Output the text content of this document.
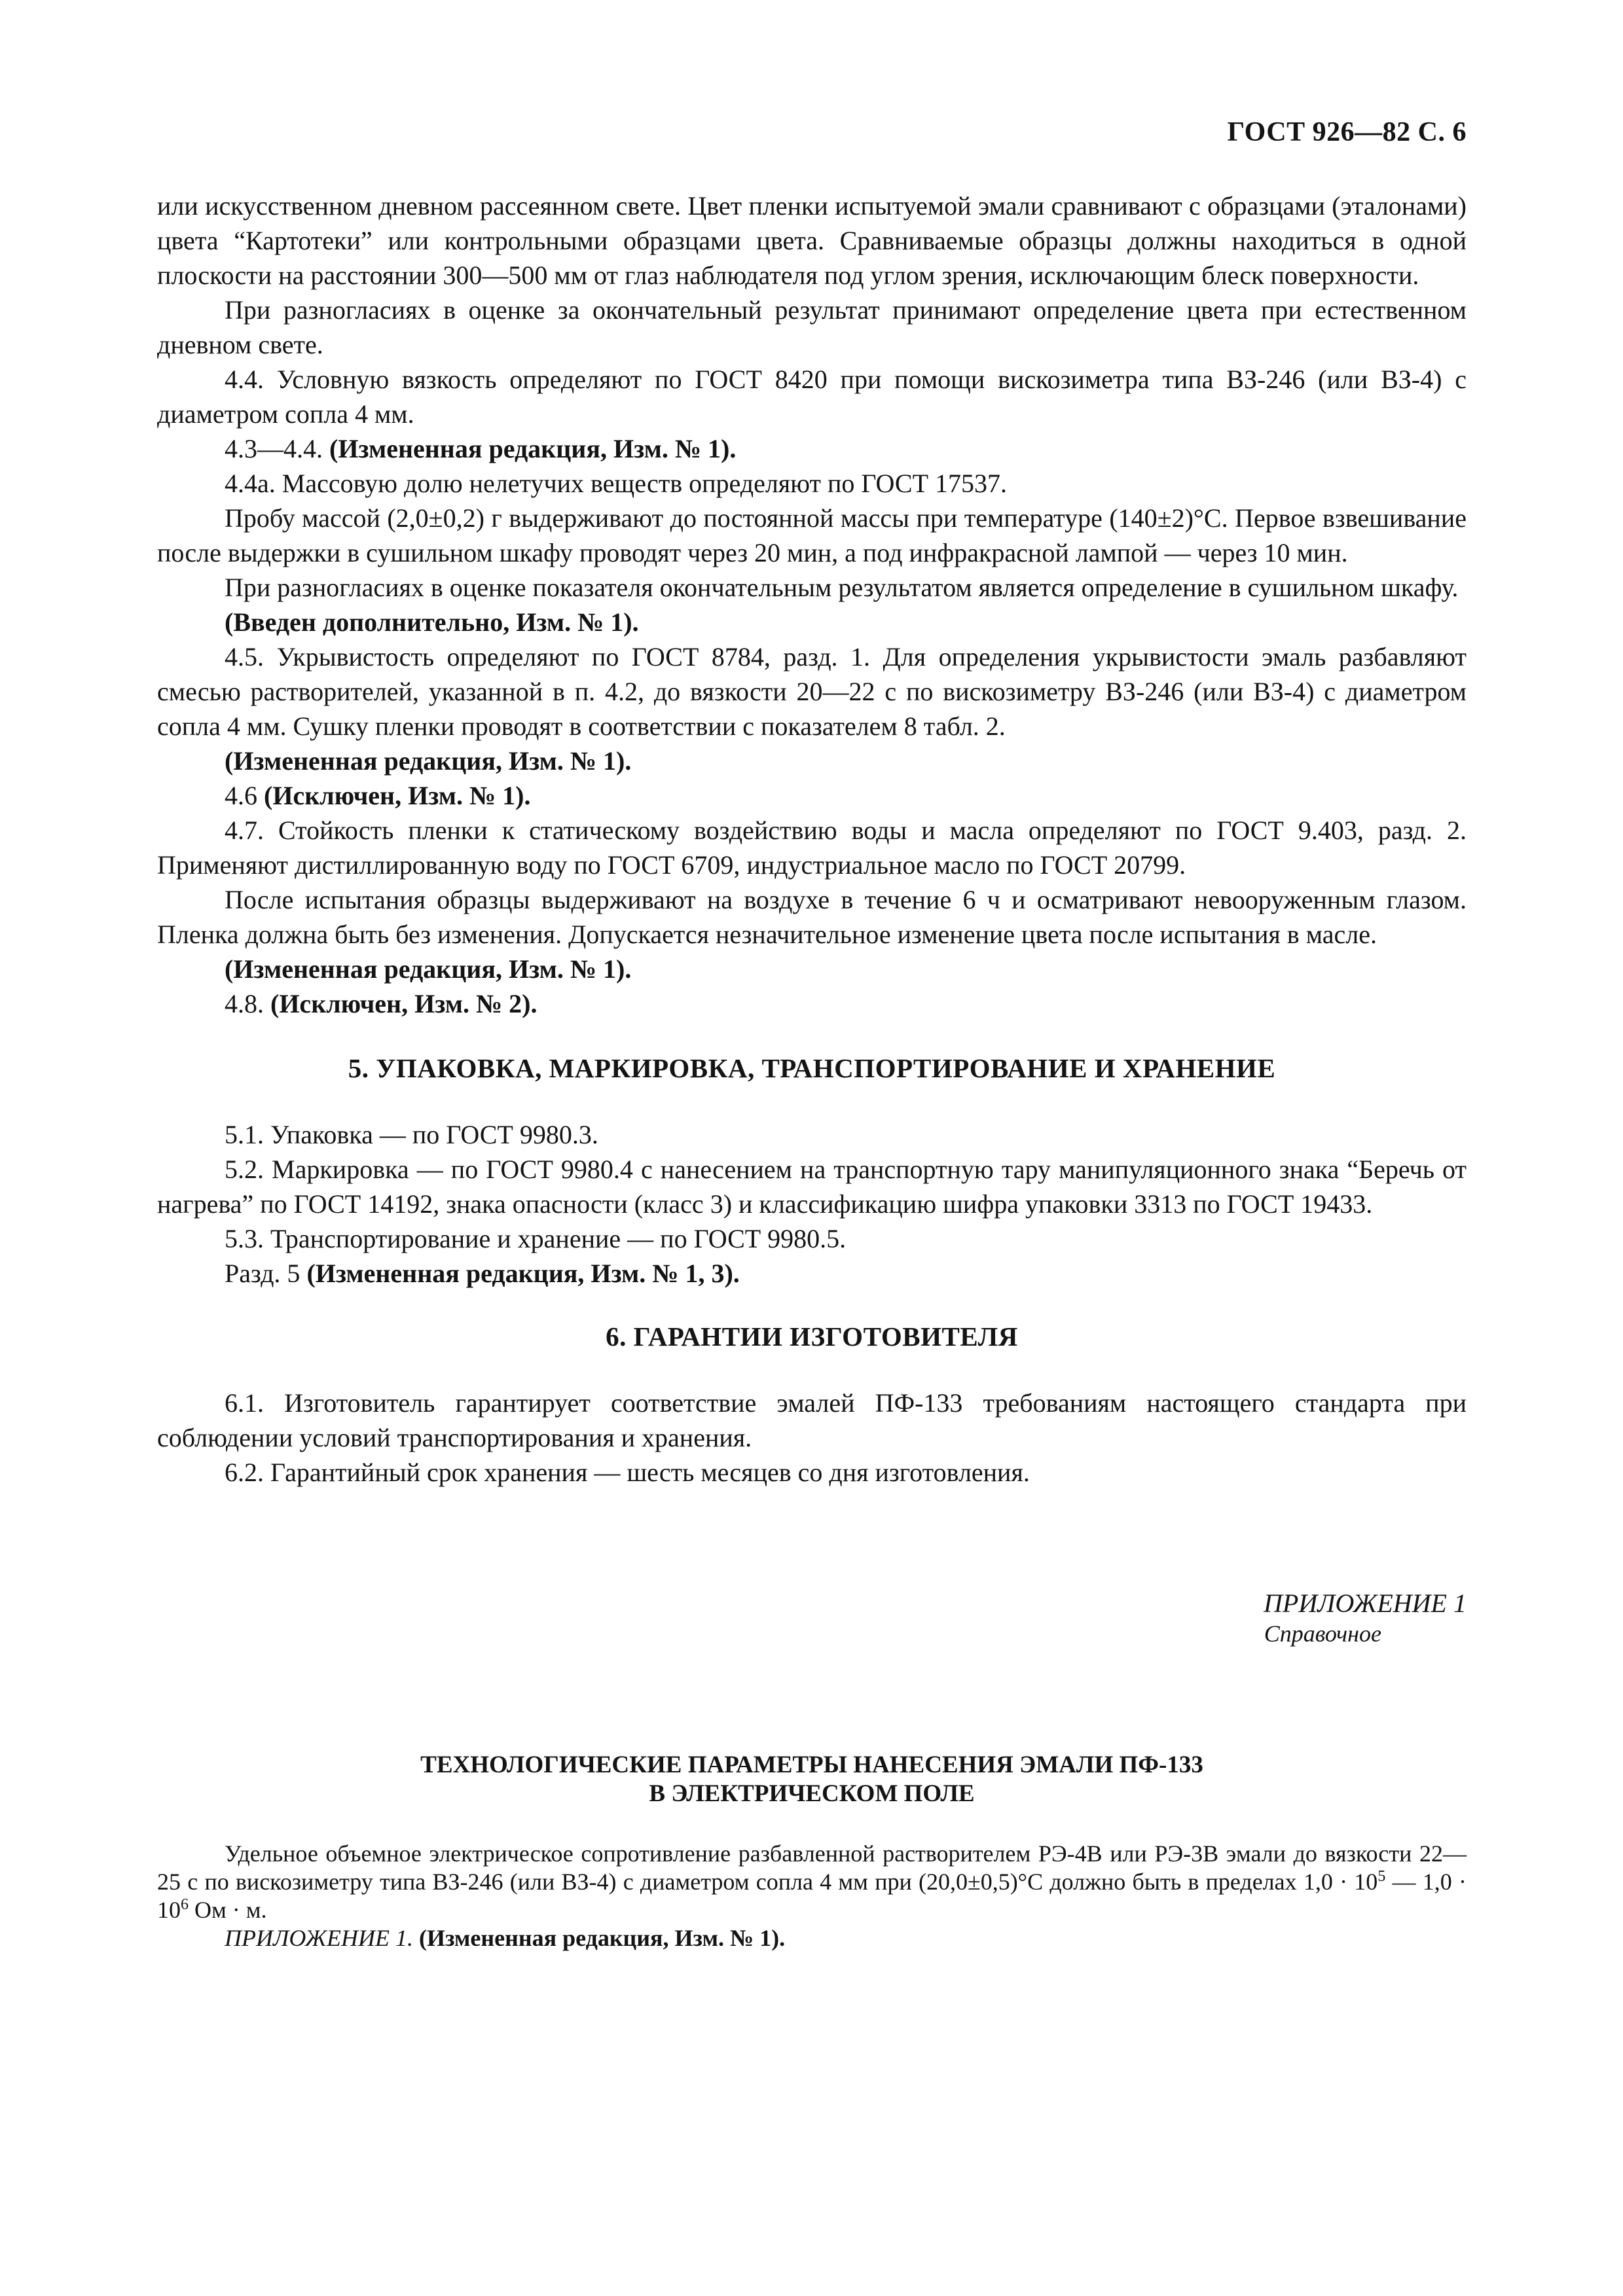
ГОСТ 926—82 С. 6

или искусственном дневном рассеянном свете. Цвет пленки испытуемой эмали сравнивают с образцами (эталонами) цвета “Картотеки” или контрольными образцами цвета. Сравниваемые образцы должны находиться в одной плоскости на расстоянии 300—500 мм от глаз наблюдателя под углом зрения, исключающим блеск поверхности.

При разногласиях в оценке за окончательный результат принимают определение цвета при естественном дневном свете.

4.4. Условную вязкость определяют по ГОСТ 8420 при помощи вискозиметра типа ВЗ-246 (или ВЗ-4) с диаметром сопла 4 мм.

4.3—4.4. (Измененная редакция, Изм. № 1).

4.4а. Массовую долю нелетучих веществ определяют по ГОСТ 17537.

Пробу массой (2,0±0,2) г выдерживают до постоянной массы при температуре (140±2)°С. Первое взвешивание после выдержки в сушильном шкафу проводят через 20 мин, а под инфракрасной лампой — через 10 мин.

При разногласиях в оценке показателя окончательным результатом является определение в сушильном шкафу.

(Введен дополнительно, Изм. № 1).

4.5. Укрывистость определяют по ГОСТ 8784, разд. 1. Для определения укрывистости эмаль разбавляют смесью растворителей, указанной в п. 4.2, до вязкости 20—22 с по вискозиметру ВЗ-246 (или ВЗ-4) с диаметром сопла 4 мм. Сушку пленки проводят в соответствии с показателем 8 табл. 2.

(Измененная редакция, Изм. № 1).

4.6 (Исключен, Изм. № 1).

4.7. Стойкость пленки к статическому воздействию воды и масла определяют по ГОСТ 9.403, разд. 2. Применяют дистиллированную воду по ГОСТ 6709, индустриальное масло по ГОСТ 20799.

После испытания образцы выдерживают на воздухе в течение 6 ч и осматривают невооруженным глазом. Пленка должна быть без изменения. Допускается незначительное изменение цвета после испытания в масле.

(Измененная редакция, Изм. № 1).

4.8. (Исключен, Изм. № 2).

5. УПАКОВКА, МАРКИРОВКА, ТРАНСПОРТИРОВАНИЕ И ХРАНЕНИЕ

5.1. Упаковка — по ГОСТ 9980.3.

5.2. Маркировка — по ГОСТ 9980.4 с нанесением на транспортную тару манипуляционного знака “Беречь от нагрева” по ГОСТ 14192, знака опасности (класс 3) и классификацию шифра упаковки 3313 по ГОСТ 19433.

5.3. Транспортирование и хранение — по ГОСТ 9980.5.

Разд. 5 (Измененная редакция, Изм. № 1, 3).

6. ГАРАНТИИ ИЗГОТОВИТЕЛЯ

6.1. Изготовитель гарантирует соответствие эмалей ПФ-133 требованиям настоящего стандарта при соблюдении условий транспортирования и хранения.

6.2. Гарантийный срок хранения — шесть месяцев со дня изготовления.

ПРИЛОЖЕНИЕ 1
Справочное

ТЕХНОЛОГИЧЕСКИЕ ПАРАМЕТРЫ НАНЕСЕНИЯ ЭМАЛИ ПФ-133
В ЭЛЕКТРИЧЕСКОМ ПОЛЕ

Удельное объемное электрическое сопротивление разбавленной растворителем РЭ-4В или РЭ-3В эмали до вязкости 22—25 с по вискозиметру типа ВЗ-246 (или ВЗ-4) с диаметром сопла 4 мм при (20,0±0,5)°С должно быть в пределах $1,0 \cdot 10^5$ — $1,0 \cdot 10^6$ Ом · м.

ПРИЛОЖЕНИЕ 1. (Измененная редакция, Изм. № 1).
